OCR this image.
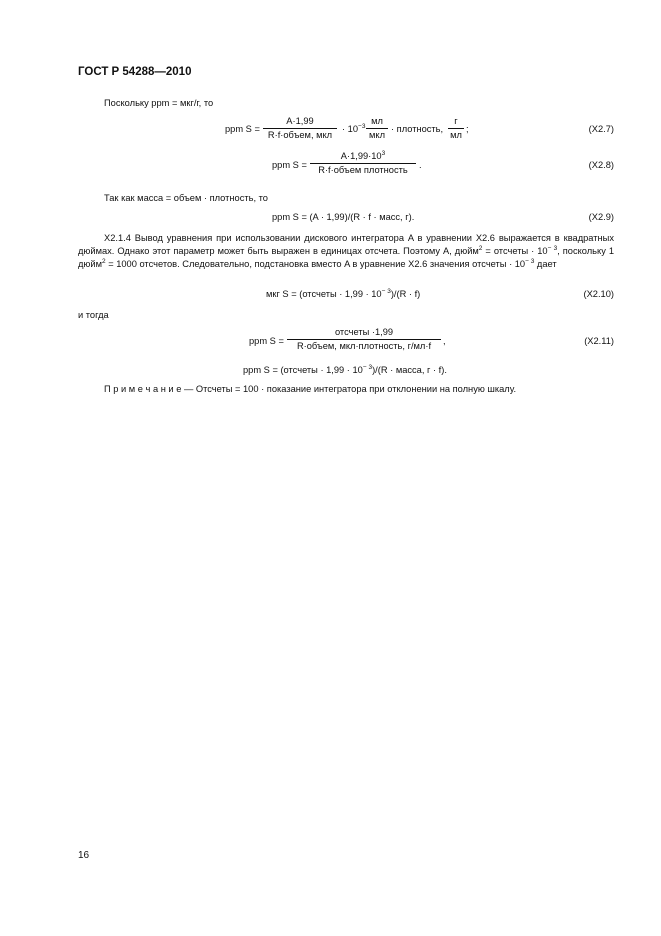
ГОСТ Р 54288—2010
Поскольку ppm = мкг/г, то
ppm S =
A·1,99
R·f·объем, мкл
· $10^{-3}$
мл
мкл
· плотность,
г
мл
;	(X2.7)
ppm S =
$A\cdot 1,99\cdot 10^3$
R·f·объем плотность	.	(X2.8)
Так как масса = объем · плотность, то
ppm S = (A · 1,99)/(R · f · масс, г).	(X2.9)
X2.1.4 Вывод уравнения при использовании дискового интегратора A в уравнении X2.6 выражается в квадратных дюймах. Однако этот параметр может быть выражен в единицах отсчета. Поэтому A, дюйм$^2$ = отсчеты · $10^{- 3}$, поскольку 1 дюйм$^2$ = 1000 отсчетов. Следовательно, подстановка вместо A в уравнение X2.6 значения отсчеты · $10^{- 3}$ дает
мкг S = (отсчеты · $1,99 \cdot 10^{- 3})/(R \cdot f)$	(X2.10)
и тогда
ppm S =
отсчеты ·1,99
R·объем, мкл·плотность, г/мл·f	,	(X2.11)
ppm S = (отсчеты · $1,99 \cdot 10^{- 3})/(R$ · масса, г · f).
П р и м е ч а н и е — Отсчеты = 100 · показание интегратора при отклонении на полную шкалу.
16
